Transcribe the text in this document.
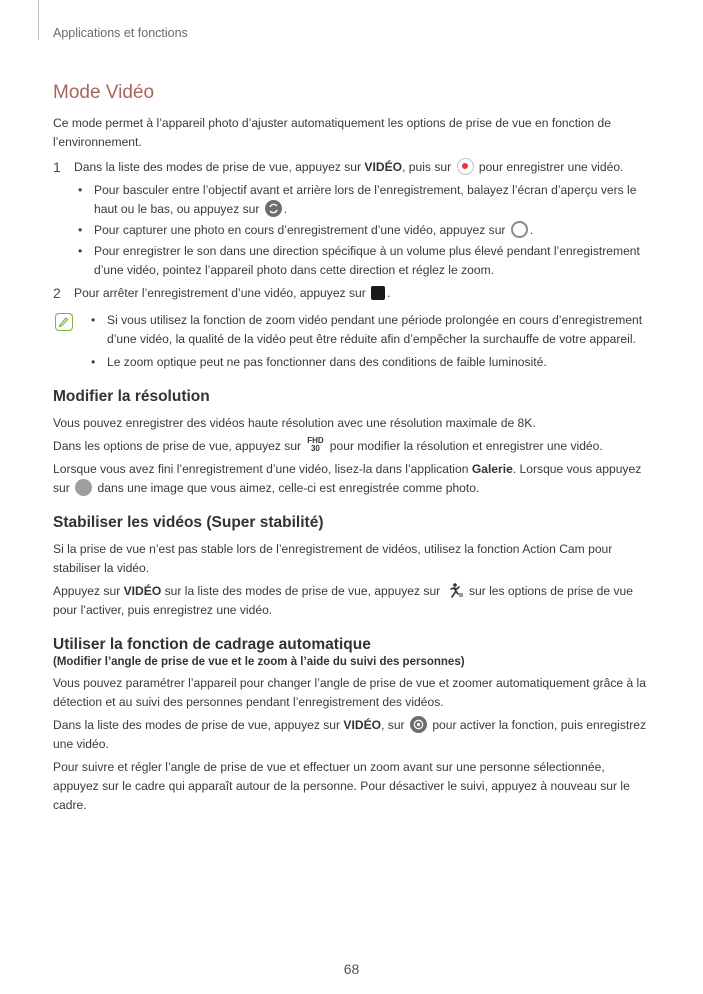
Applications et fonctions
Mode Vidéo

Ce mode permet à l’appareil photo d’ajuster automatiquement les options de prise de vue en fonction de l’environnement.

1 Dans la liste des modes de prise de vue, appuyez sur VIDÉO, puis sur  pour enregistrer une vidéo.
• Pour basculer entre l’objectif avant et arrière lors de l’enregistrement, balayez l’écran d’aperçu vers le haut ou le bas, ou appuyez sur .
• Pour capturer une photo en cours d’enregistrement d’une vidéo, appuyez sur .
• Pour enregistrer le son dans une direction spécifique à un volume plus élevé pendant l’enregistrement d’une vidéo, pointez l’appareil photo dans cette direction et réglez le zoom.
2 Pour arrêter l’enregistrement d’une vidéo, appuyez sur .
• Si vous utilisez la fonction de zoom vidéo pendant une période prolongée en cours d’enregistrement d’une vidéo, la qualité de la vidéo peut être réduite afin d’empêcher la surchauffe de votre appareil.
• Le zoom optique peut ne pas fonctionner dans des conditions de faible luminosité.
Modifier la résolution

Vous pouvez enregistrer des vidéos haute résolution avec une résolution maximale de 8K.

Dans les options de prise de vue, appuyez sur FHD
30 pour modifier la résolution et enregistrer une vidéo.

Lorsque vous avez fini l’enregistrement d’une vidéo, lisez-la dans l’application Galerie. Lorsque vous appuyez sur  dans une image que vous aimez, celle-ci est enregistrée comme photo.

Stabiliser les vidéos (Super stabilité)

Si la prise de vue n’est pas stable lors de l’enregistrement de vidéos, utilisez la fonction Action Cam pour stabiliser la vidéo.

Appuyez sur VIDÉO sur la liste des modes de prise de vue, appuyez sur  sur les options de prise de vue pour l’activer, puis enregistrez une vidéo.

Utiliser la fonction de cadrage automatique
(Modifier l’angle de prise de vue et le zoom à l’aide du suivi des personnes)

Vous pouvez paramétrer l’appareil pour changer l’angle de prise de vue et zoomer automatiquement grâce à la détection et au suivi des personnes pendant l’enregistrement des vidéos.

Dans la liste des modes de prise de vue, appuyez sur VIDÉO, sur  pour activer la fonction, puis enregistrez une vidéo.

Pour suivre et régler l’angle de prise de vue et effectuer un zoom avant sur une personne sélectionnée, appuyez sur le cadre qui apparaît autour de la personne. Pour désactiver le suivi, appuyez à nouveau sur le cadre.

68
